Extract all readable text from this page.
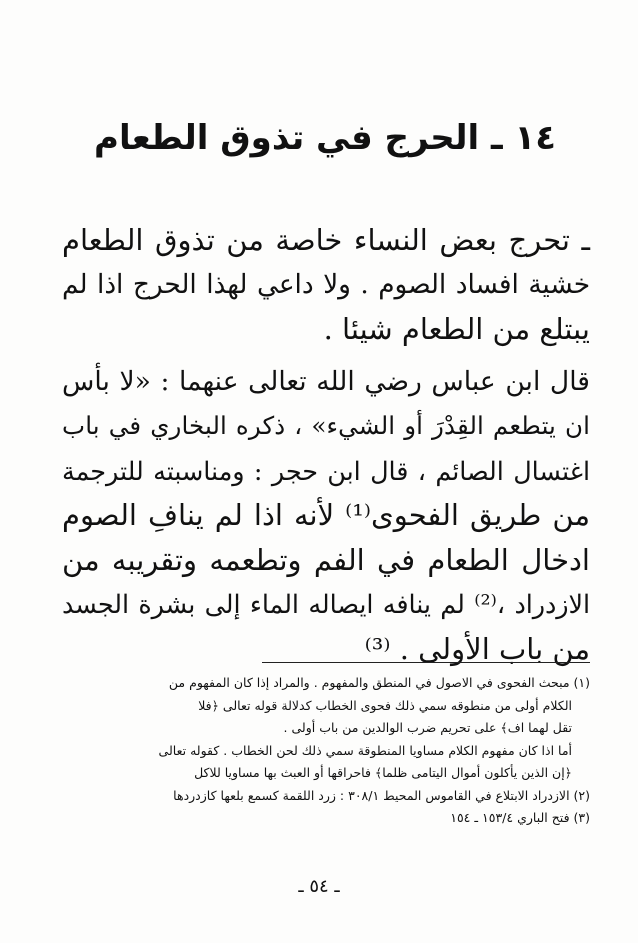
١٤ ـ الحرج في تذوق الطعام

ـ تحرج بعض النساء خاصة من تذوق الطعام
خشية افساد الصوم . ولا داعي لهذا الحرج اذا لم
يبتلع من الطعام شيئا .

قال ابن عباس رضي الله تعالى عنهما : «لا بأس
ان يتطعم القِدْرَ أو الشيء» ، ذكره البخاري في باب
اغتسال الصائم ، قال ابن حجر : ومناسبته للترجمة
من طريق الفحوى⁽¹⁾ لأنه اذا لم ينافِ الصوم
ادخال الطعام في الفم وتطعمه وتقريبه من
الازدراد ،⁽²⁾ لم ينافه ايصاله الماء إلى بشرة الجسد
من باب الأولى . ⁽³⁾

(١) مبحث الفحوى في الاصول في المنطق والمفهوم . والمراد إذا كان المفهوم من
الكلام أولى من منطوقه سمي ذلك فحوى الخطاب كدلالة قوله تعالى ﴿فلا
تقل لهما اف﴾ على تحريم ضرب الوالدين من باب أولى .
أما اذا كان مفهوم الكلام مساويا المنطوقة سمي ذلك لحن الخطاب . كقوله تعالى
﴿إن الذين يأكلون أموال اليتامى ظلما﴾ فاحراقها أو العبث بها مساويا للاكل
(٢) الازدراد الابتلاع في القاموس المحيط ٣٠٨/١ : زرد اللقمة كسمع بلعها كازدردها
(٣) فتح الباري ١٥٣/٤ ـ ١٥٤
ـ ٥٤ ـ
